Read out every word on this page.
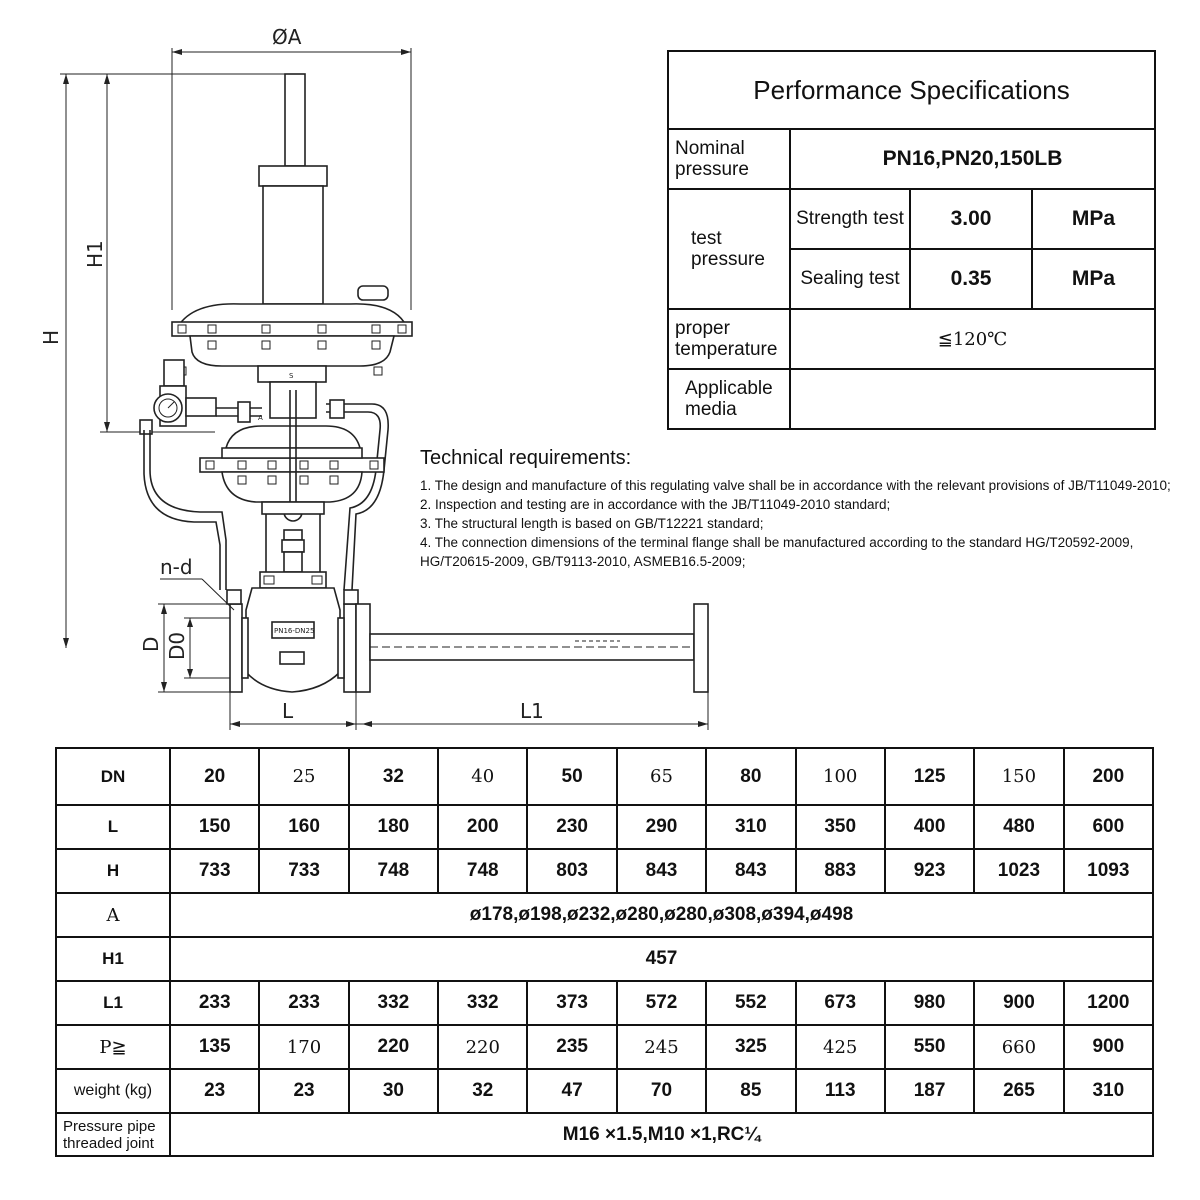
ØA
H
H1
S
A
PN16-DN25
n-d
D D0
L	L1
Performance Specifications			
Nominal pressure	PN16,PN20,150LB		
test pressure	Strength test	3.00	MPa
	Sealing test	0.35	MPa
proper temperature	≦120℃		
Applicable media			

Technical requirements:

1. The design and manufacture of this regulating valve shall be in accordance with the relevant provisions of JB/T11049-2010;

2. Inspection and testing are in accordance with the JB/T11049-2010 standard;

3. The structural length is based on GB/T12221 standard;

4. The connection dimensions of the terminal flange shall be manufactured according to the standard HG/T20592-2009, HG/T20615-2009, GB/T9113-2010, ASMEB16.5-2009;

DN	20	25	32	40	50	65	80	100	125	150	200
L	150	160	180	200	230	290	310	350	400	480	600
H	733	733	748	748	803	843	843	883	923	1023	1093
A	ø178,ø198,ø232,ø280,ø280,ø308,ø394,ø498										
H1	457										
L1	233	233	332	332	373	572	552	673	980	900	1200
P≧	135	170	220	220	235	245	325	425	550	660	900
weight (kg)	23	23	30	32	47	70	85	113	187	265	310
Pressure pipe threaded joint	M16 ×1.5,M10 ×1,RC¼										
